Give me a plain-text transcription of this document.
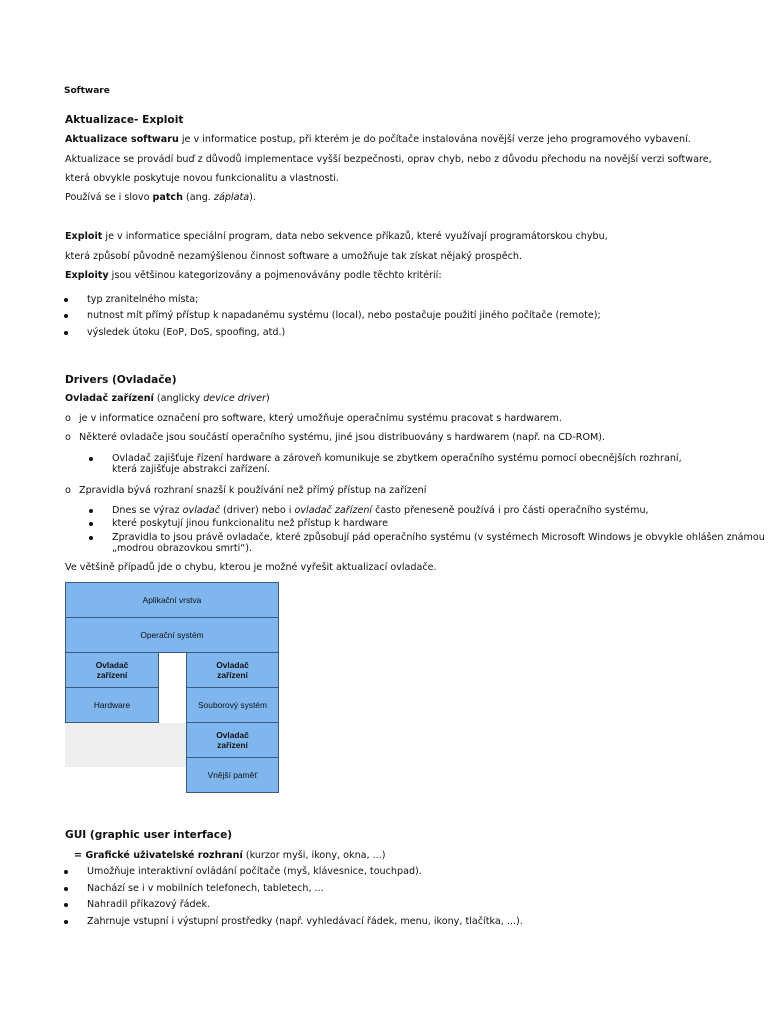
Software
Aktualizace- Exploit
Aktualizace softwaru je v informatice postup, při kterém je do počítače instalována novější verze jeho programového vybavení.
Aktualizace se provádí buď z důvodů implementace vyšší bezpečnosti, oprav chyb, nebo z důvodu přechodu na novější verzi software,
která obvykle poskytuje novou funkcionalitu a vlastnosti.
Používá se i slovo patch (ang. záplata).
Exploit je v informatice speciální program, data nebo sekvence příkazů, které využívají programátorskou chybu,
která způsobí původně nezamýšlenou činnost software a umožňuje tak získat nějaký prospěch.
Exploity jsou většinou kategorizovány a pojmenovávány podle těchto kritérií:
typ zranitelného místa;
nutnost mít přímý přístup k napadanému systému (local), nebo postačuje použití jiného počítače (remote);
výsledek útoku (EoP, DoS, spoofing, atd.)
Drivers (Ovladače)
Ovladač zařízení (anglicky device driver)
o je v informatice označení pro software, který umožňuje operačnímu systému pracovat s hardwarem.
o Některé ovladače jsou součástí operačního systému, jiné jsou distribuovány s hardwarem (např. na CD-ROM).
Ovladač zajišťuje řízení hardware a zároveň komunikuje se zbytkem operačního systému pomocí obecnějších rozhraní,
která zajišťuje abstrakci zařízení.
o Zpravidla bývá rozhraní snazší k používání než přímý přístup na zařízení
Dnes se výraz ovladač (driver) nebo i ovladač zařízení často přeneseně používá i pro části operačního systému,
které poskytují jinou funkcionalitu než přístup k hardware
Zpravidla to jsou právě ovladače, které způsobují pád operačního systému (v systémech Microsoft Windows je obvykle ohlášen známou
„modrou obrazovkou smrti“).
Ve většině případů jde o chybu, kterou je možné vyřešit aktualizací ovladače.
Aplikační vrstva
Operační systém
Ovladač
zařízení
Hardware
Ovladač
zařízení
Souborový systém
Ovladač
zařízení
Vnější paměť
GUI (graphic user interface)
= Grafické uživatelské rozhraní (kurzor myši, ikony, okna, ...)
Umožňuje interaktivní ovládání počítače (myš, klávesnice, touchpad).
Nachází se i v mobilních telefonech, tabletech, ...
Nahradil příkazový řádek.
Zahrnuje vstupní i výstupní prostředky (např. vyhledávací řádek, menu, ikony, tlačítka, ...).
